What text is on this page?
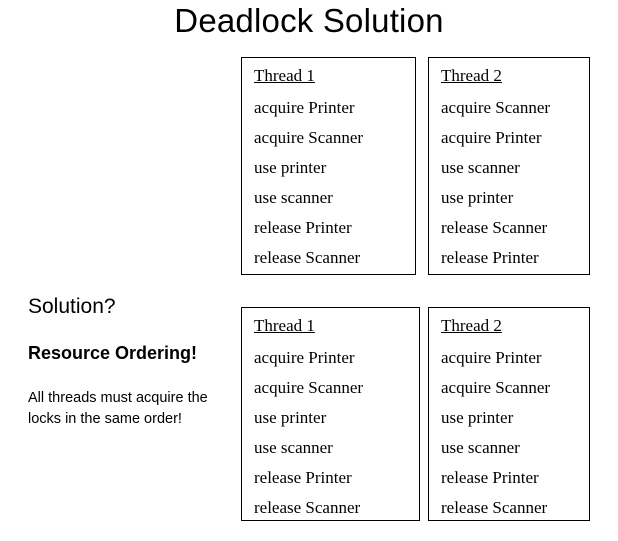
Deadlock Solution

Solution?

Resource Ordering!

All threads must acquire the locks in the same order!

Thread 1
acquire Printer
acquire Scanner
use printer
use scanner
release Printer
release Scanner
Thread 2
acquire Scanner
acquire Printer
use scanner
use printer
release Scanner
release Printer
Thread 1
acquire Printer
acquire Scanner
use printer
use scanner
release Printer
release Scanner
Thread 2
acquire Printer
acquire Scanner
use printer
use scanner
release Printer
release Scanner
